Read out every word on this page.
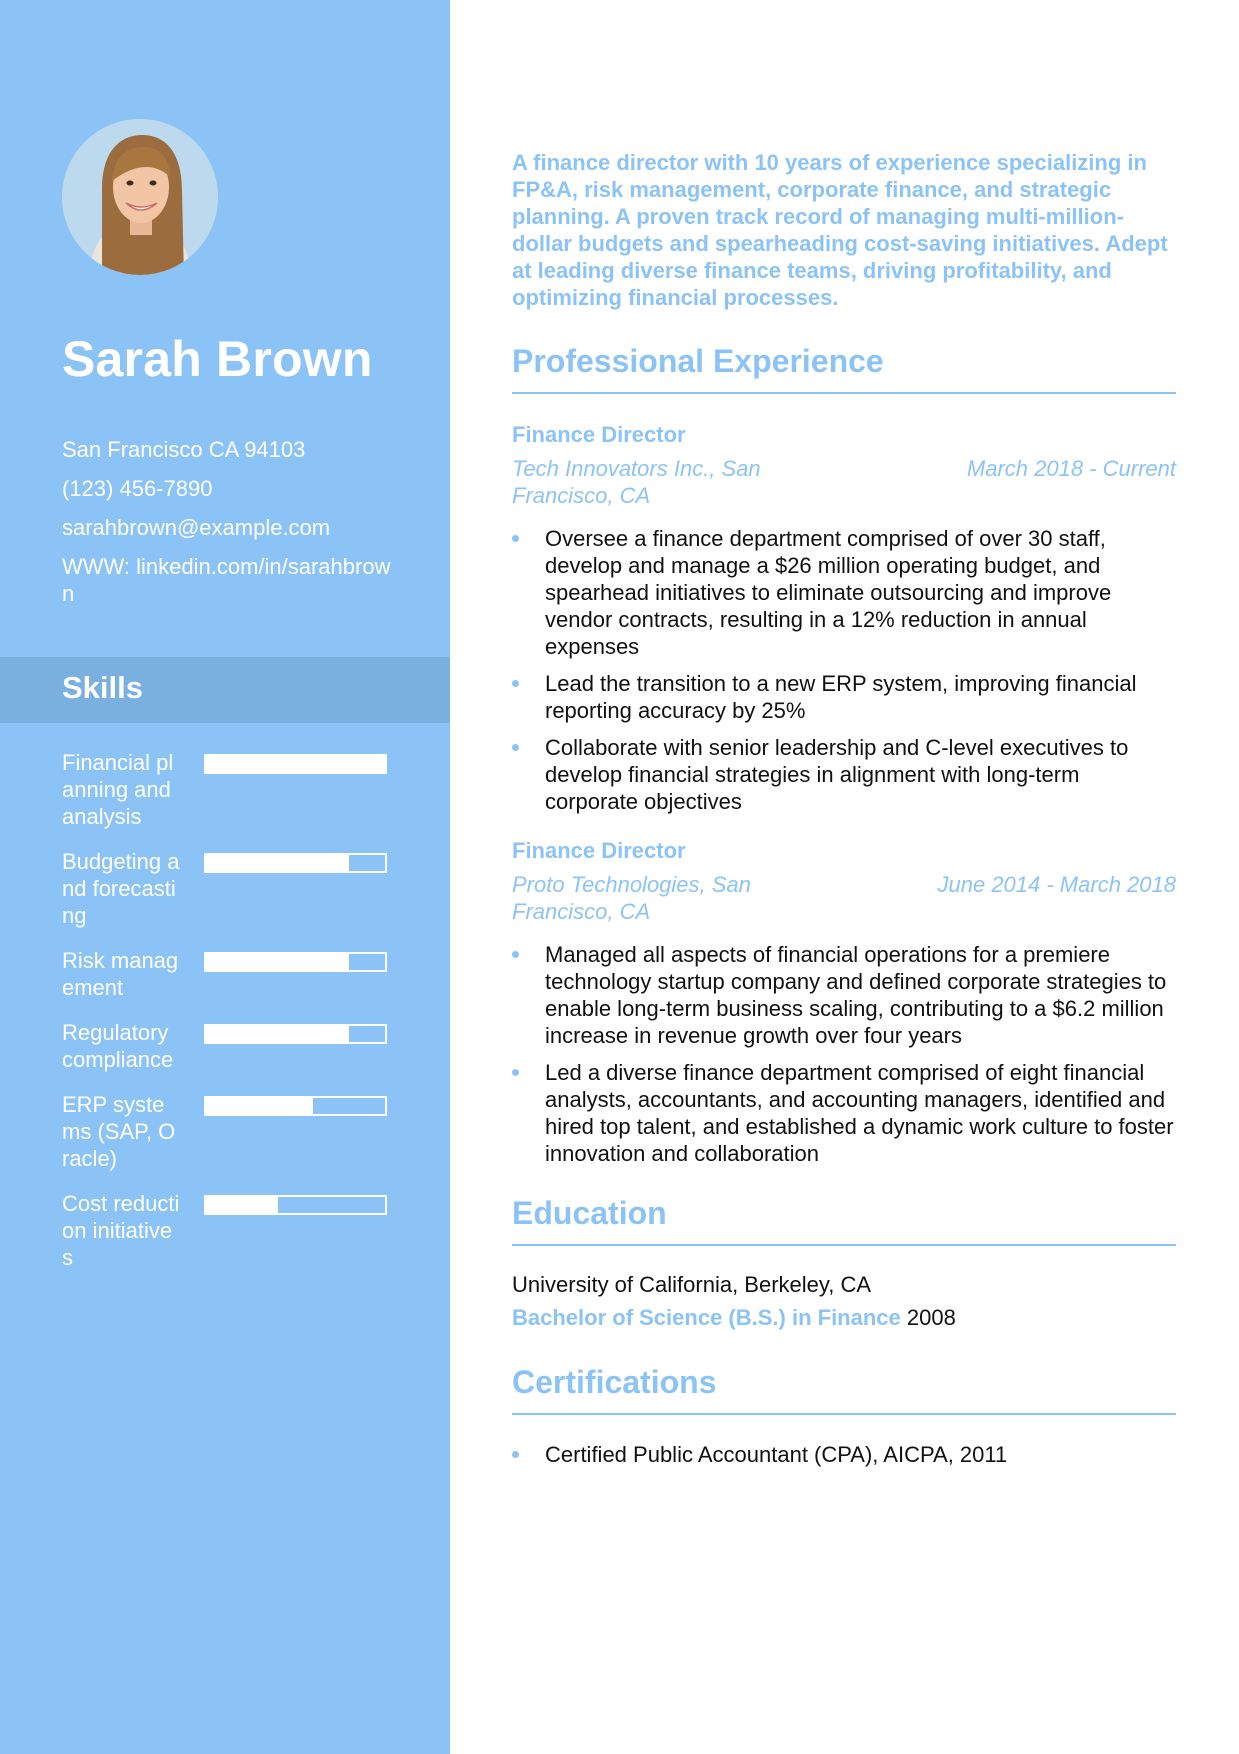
Sarah Brown
San Francisco CA 94103
(123) 456-7890
sarahbrown@example.com
WWW: linkedin.com/in/sarahbrown
Skills
Financial planning and analysis
Budgeting and forecasting
Risk management
Regulatory compliance
ERP systems (SAP, Oracle)
Cost reduction initiatives

A finance director with 10 years of experience specializing in FP&A, risk management, corporate finance, and strategic planning. A proven track record of managing multi-million-dollar budgets and spearheading cost-saving initiatives. Adept at leading diverse finance teams, driving profitability, and optimizing financial processes.

Professional Experience
Finance Director
Tech Innovators Inc., San Francisco, CA
March 2018 - Current
Oversee a finance department comprised of over 30 staff, develop and manage a $26 million operating budget, and spearhead initiatives to eliminate outsourcing and improve vendor contracts, resulting in a 12% reduction in annual expenses
Lead the transition to a new ERP system, improving financial reporting accuracy by 25%
Collaborate with senior leadership and C-level executives to develop financial strategies in alignment with long-term corporate objectives
Finance Director
Proto Technologies, San Francisco, CA
June 2014 - March 2018
Managed all aspects of financial operations for a premiere technology startup company and defined corporate strategies to enable long-term business scaling, contributing to a $6.2 million increase in revenue growth over four years
Led a diverse finance department comprised of eight financial analysts, accountants, and accounting managers, identified and hired top talent, and established a dynamic work culture to foster innovation and collaboration
Education
University of California, Berkeley, CA
Bachelor of Science (B.S.) in Finance 2008
Certifications
Certified Public Accountant (CPA), AICPA, 2011
